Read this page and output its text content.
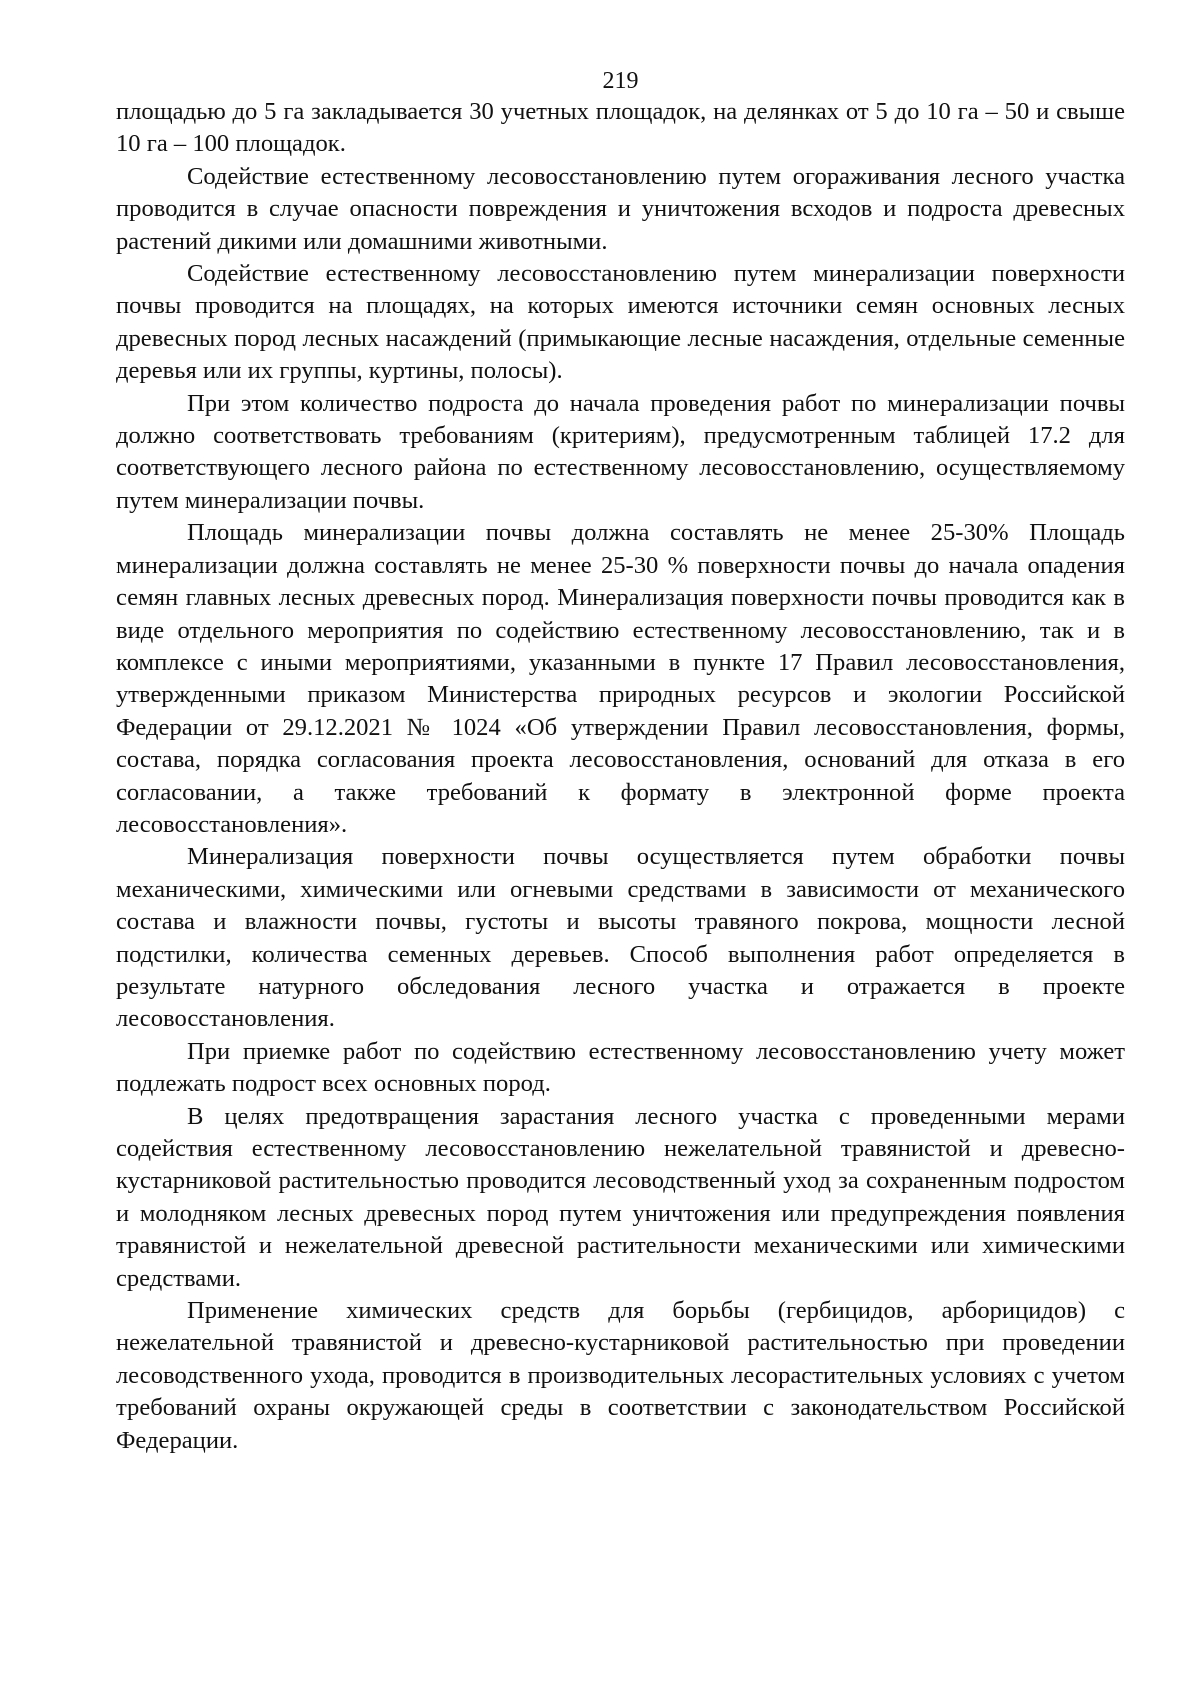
219

площадью до 5 га закладывается 30 учетных площадок, на делянках от 5 до 10 га – 50 и свыше 10 га – 100 площадок.

Содействие естественному лесовосстановлению путем огораживания лесного участка проводится в случае опасности повреждения и уничтожения всходов и подроста древесных растений дикими или домашними животными.

Содействие естественному лесовосстановлению путем минерализации поверхности почвы проводится на площадях, на которых имеются источники семян основных лесных древесных пород лесных насаждений (примыкающие лесные насаждения, отдельные семенные деревья или их группы, куртины, полосы).

При этом количество подроста до начала проведения работ по минерализации почвы должно соответствовать требованиям (критериям), предусмотренным таблицей 17.2 для соответствующего лесного района по естественному лесовосстановлению, осуществляемому путем минерализации почвы.

Площадь минерализации почвы должна составлять не менее 25-30% Площадь минерализации должна составлять не менее 25-30 % поверхности почвы до начала опадения семян главных лесных древесных пород. Минерализация поверхности почвы проводится как в виде отдельного мероприятия по содействию естественному лесовосстановлению, так и в комплексе с иными мероприятиями, указанными в пункте 17 Правил лесовосстановления, утвержденными приказом Министерства природных ресурсов и экологии Российской Федерации от 29.12.2021 № 1024 «Об утверждении Правил лесовосстановления, формы, состава, порядка согласования проекта лесовосстановления, оснований для отказа в его согласовании, а также требований к формату в электронной форме проекта лесовосстановления».

Минерализация поверхности почвы осуществляется путем обработки почвы механическими, химическими или огневыми средствами в зависимости от механического состава и влажности почвы, густоты и высоты травяного покрова, мощности лесной подстилки, количества семенных деревьев. Способ выполнения работ определяется в результате натурного обследования лесного участка и отражается в проекте лесовосстановления.

При приемке работ по содействию естественному лесовосстановлению учету может подлежать подрост всех основных пород.

В целях предотвращения зарастания лесного участка с проведенными мерами содействия естественному лесовосстановлению нежелательной травянистой и древесно-кустарниковой растительностью проводится лесоводственный уход за сохраненным подростом и молодняком лесных древесных пород путем уничтожения или предупреждения появления травянистой и нежелательной древесной растительности механическими или химическими средствами.

Применение химических средств для борьбы (гербицидов, арборицидов) с нежелательной травянистой и древесно-кустарниковой растительностью при проведении лесоводственного ухода, проводится в производительных лесорастительных условиях с учетом требований охраны окружающей среды в соответствии с законодательством Российской Федерации.
